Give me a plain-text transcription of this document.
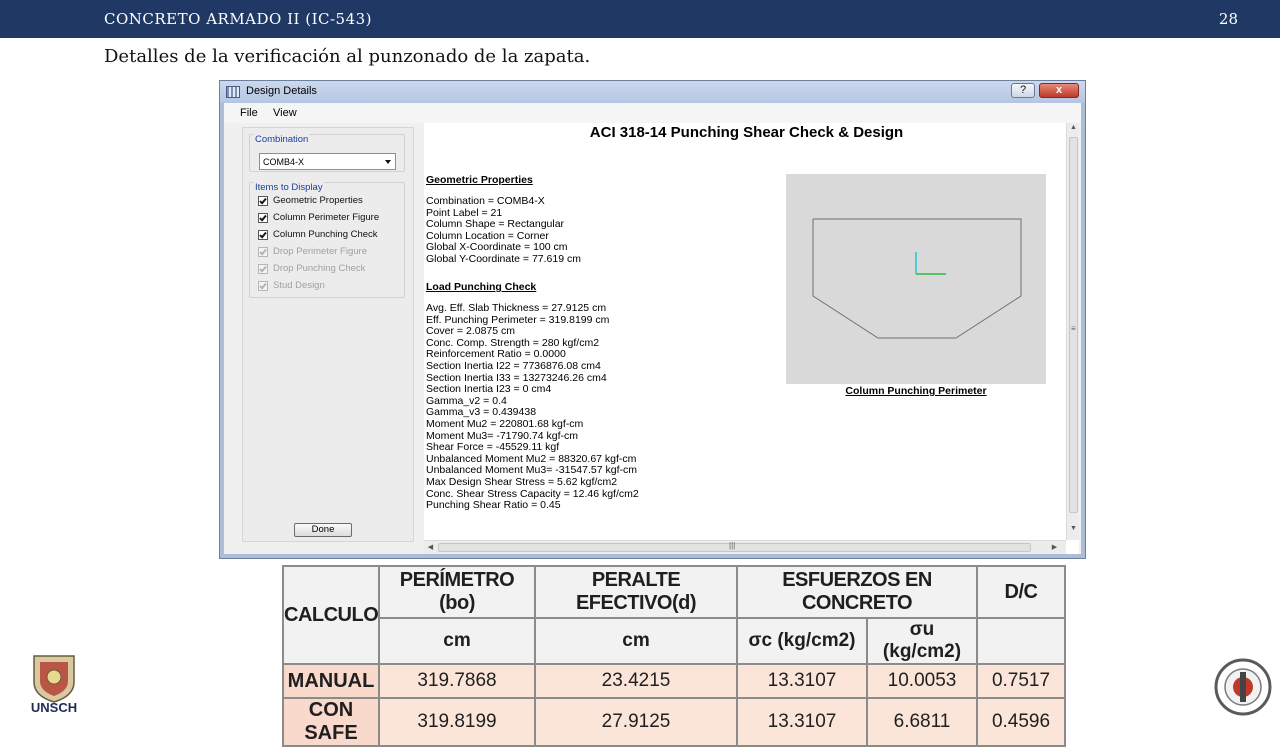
CONCRETO ARMADO II (IC-543)	28
Detalles de la verificación al punzonado de la zapata.
Design Details	?	x
File View
Combination
COMB4-X
Items to Display
Geometric Properties
Column Perimeter Figure
Column Punching Check
Drop Perimeter Figure
Drop Punching Check
Stud Design
Done
ACI 318-14 Punching Shear Check & Design
Geometric Properties
Combination = COMB4-X
Point Label = 21
Column Shape = Rectangular
Column Location = Corner
Global X-Coordinate = 100 cm
Global Y-Coordinate = 77.619 cm
Load Punching Check
Avg. Eff. Slab Thickness = 27.9125 cm
Eff. Punching Perimeter = 319.8199 cm
Cover = 2.0875 cm
Conc. Comp. Strength = 280 kgf/cm2
Reinforcement Ratio = 0.0000
Section Inertia I22 = 7736876.08 cm4
Section Inertia I33 = 13273246.26 cm4
Section Inertia I23 = 0 cm4
Gamma_v2 = 0.4
Gamma_v3 = 0.439438
Moment Mu2 = 220801.68 kgf-cm
Moment Mu3= -71790.74 kgf-cm
Shear Force = -45529.11 kgf
Unbalanced Moment Mu2 = 88320.67 kgf-cm
Unbalanced Moment Mu3= -31547.57 kgf-cm
Max Design Shear Stress = 5.62 kgf/cm2
Conc. Shear Stress Capacity = 12.46 kgf/cm2
Punching Shear Ratio = 0.45
Column Punching Perimeter
▲
≡
▼
◀	|||	▶
CALCULO	PERÍMETRO (bo)	PERALTE EFECTIVO(d)	ESFUERZOS EN CONCRETO		D/C
	cm	cm	σc (kg/cm2)	σu (kg/cm2)	
MANUAL	319.7868	23.4215	13.3107	10.0053	0.7517
CON SAFE	319.8199	27.9125	13.3107	6.6811	0.4596
UNSCH
